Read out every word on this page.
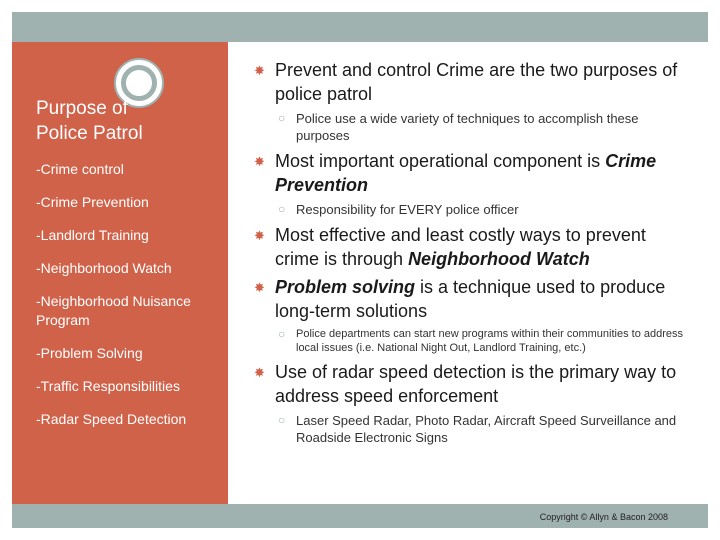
Purpose of
Police Patrol
-Crime control
-Crime Prevention
-Landlord Training
-Neighborhood Watch
-Neighborhood Nuisance Program
-Problem Solving
-Traffic Responsibilities
-Radar Speed Detection
✸ Prevent and control Crime are the two purposes of police patrol
○ Police use a wide variety of techniques to accomplish these purposes
✸ Most important operational component is Crime Prevention
○ Responsibility for EVERY police officer
✸ Most effective and least costly ways to prevent crime is through Neighborhood Watch
✸ Problem solving is a technique used to produce long-term solutions
○ Police departments can start new programs within their communities to address local issues (i.e. National Night Out, Landlord Training, etc.)
✸ Use of radar speed detection is the primary way to address speed enforcement
○ Laser Speed Radar, Photo Radar, Aircraft Speed Surveillance and Roadside Electronic Signs
Copyright © Allyn & Bacon 2008
